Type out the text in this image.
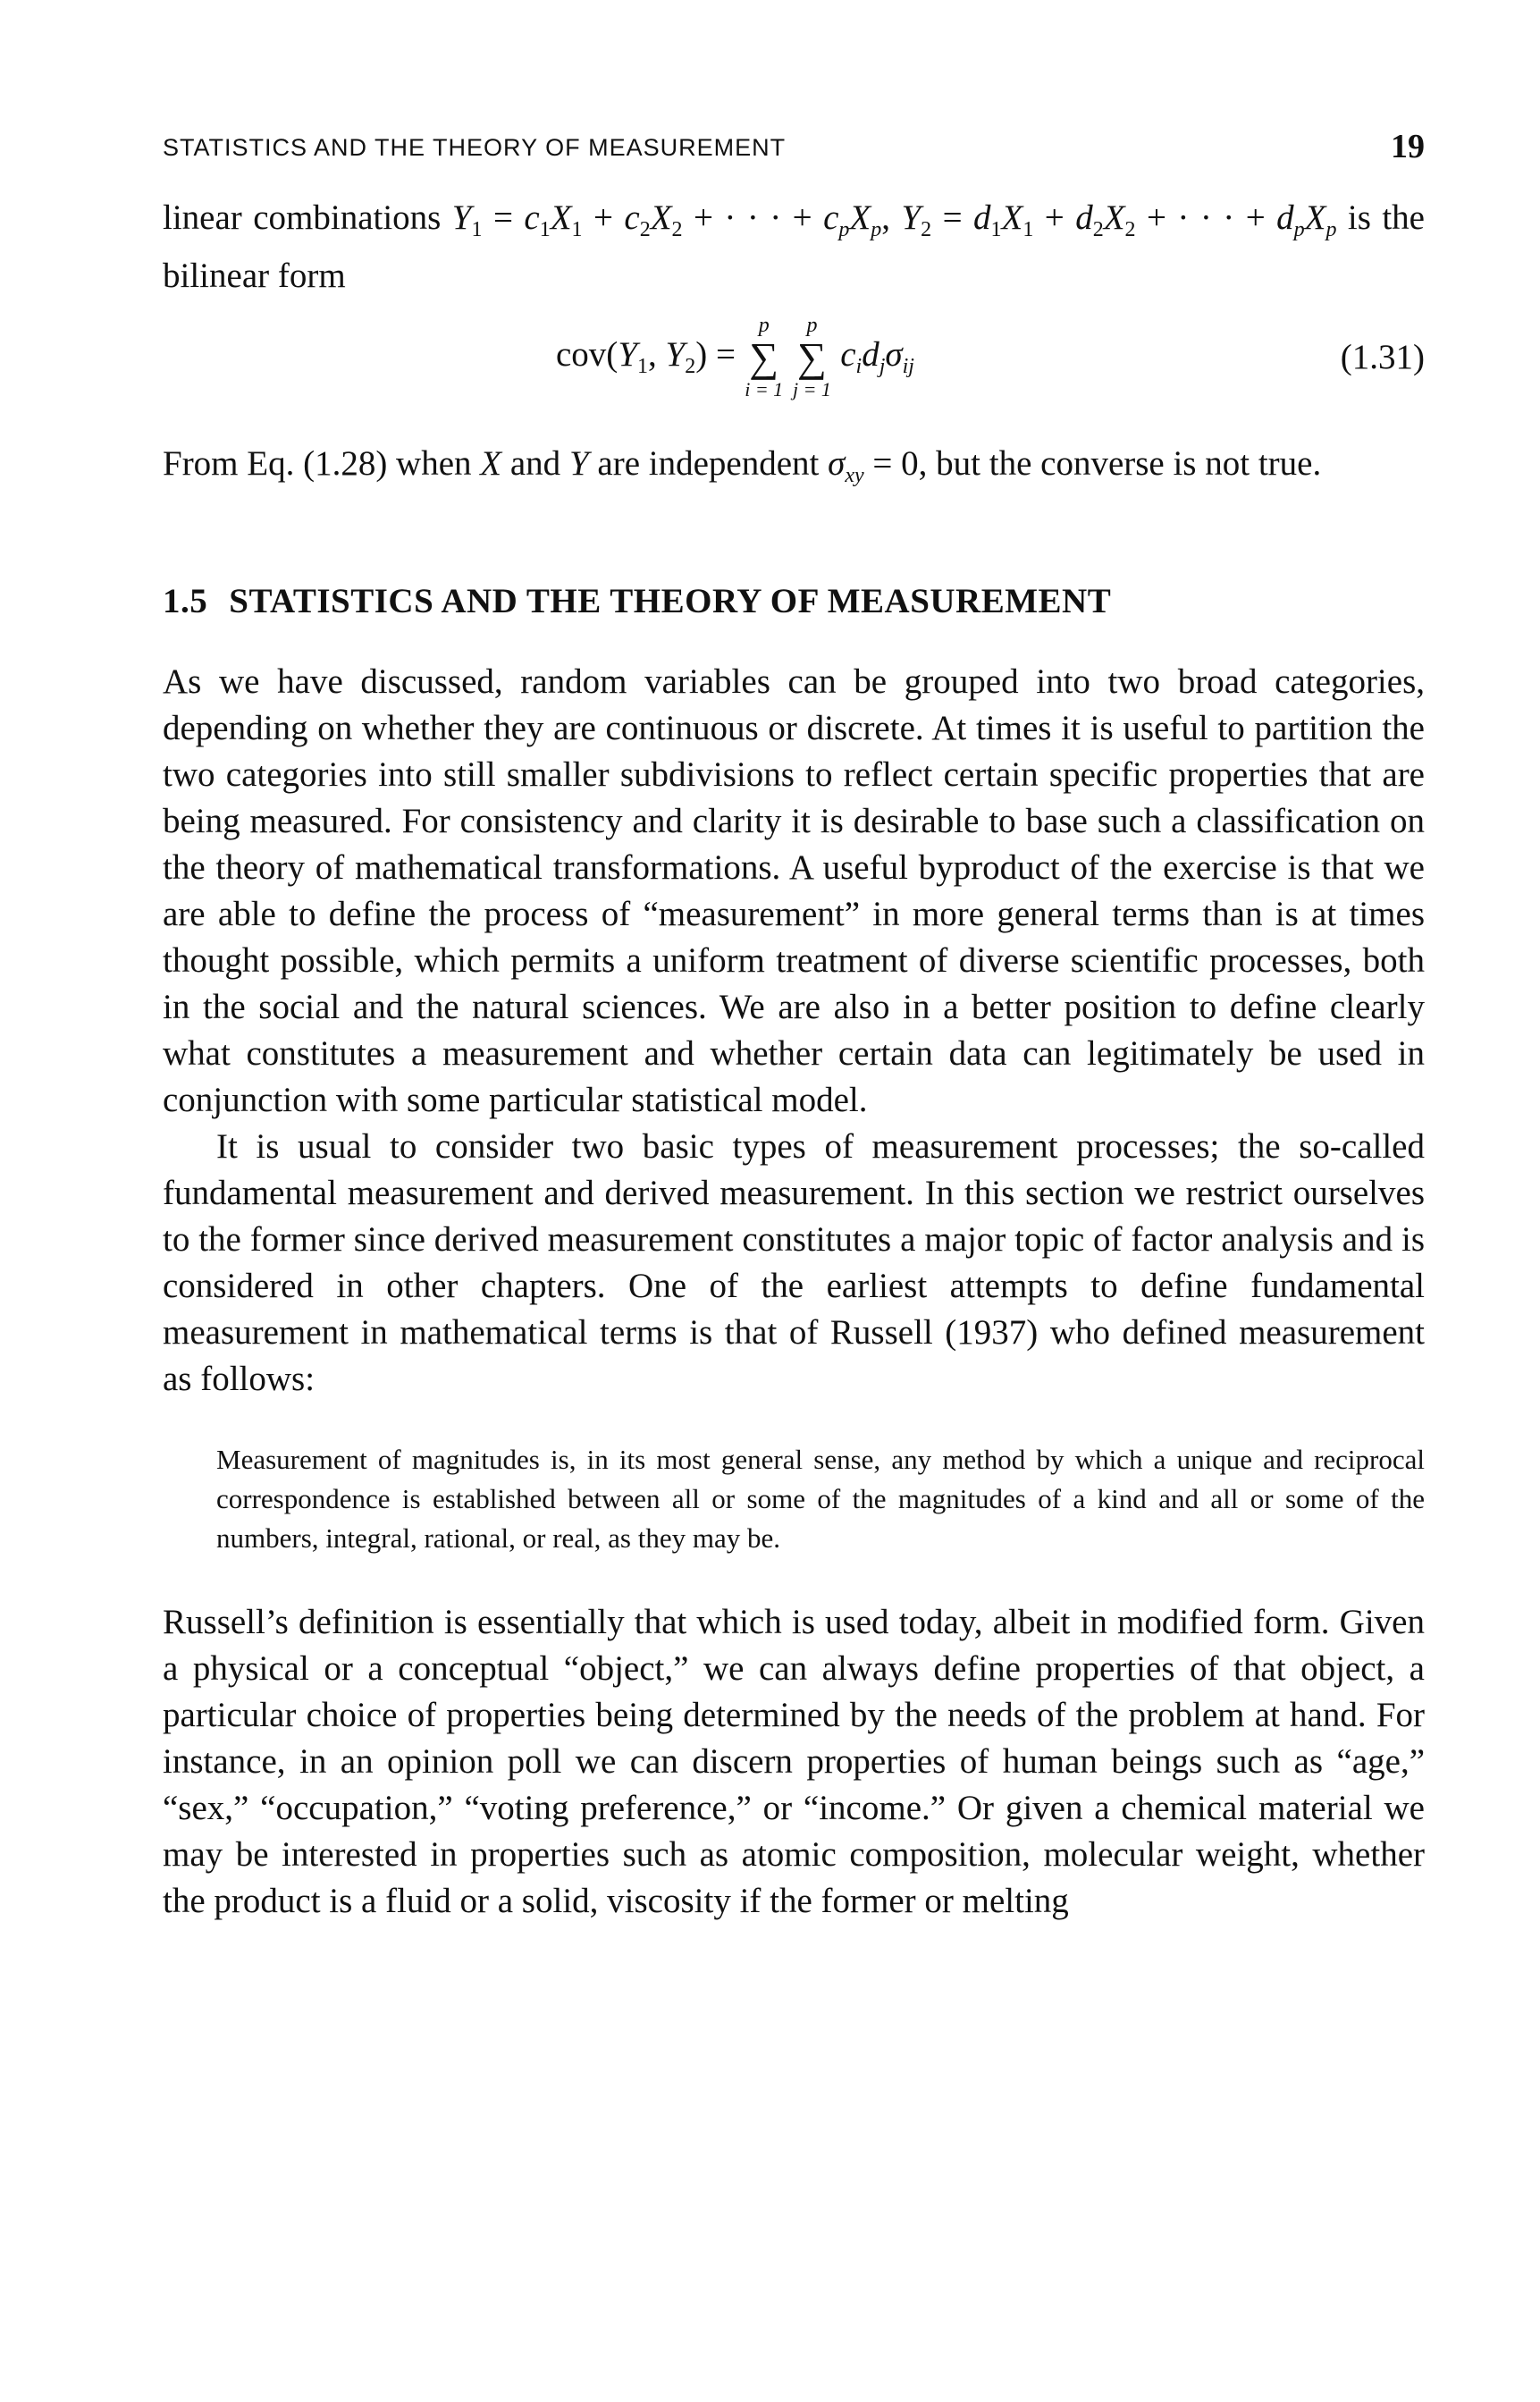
STATISTICS AND THE THEORY OF MEASUREMENT	19

linear combinations $Y_1 = c_1X_1 + c_2X_2$ + · · · + $c_pX_p$, $Y_2 = d_1X_1 + d_2X_2$ + · · · + $d_pX_p$ is the bilinear form

$cov(Y_1$, $Y_2$) = ∑
p
i = 1
∑
p
j = 1
$c_id_j\sigma_{ij}$	(1.31)

From Eq. (1.28) when X and Y are independent $\sigma_{xy} = 0$, but the converse is not true.

1.5 STATISTICS AND THE THEORY OF MEASUREMENT

As we have discussed, random variables can be grouped into two broad categories, depending on whether they are continuous or discrete. At times it is useful to partition the two categories into still smaller subdivisions to reflect certain specific properties that are being measured. For consistency and clarity it is desirable to base such a classification on the theory of mathematical transformations. A useful byproduct of the exercise is that we are able to define the process of “measurement” in more general terms than is at times thought possible, which permits a uniform treatment of diverse scientific processes, both in the social and the natural sciences. We are also in a better position to define clearly what constitutes a measurement and whether certain data can legitimately be used in conjunction with some particular statistical model.

It is usual to consider two basic types of measurement processes; the so-called fundamental measurement and derived measurement. In this section we restrict ourselves to the former since derived measurement constitutes a major topic of factor analysis and is considered in other chapters. One of the earliest attempts to define fundamental measurement in mathematical terms is that of Russell (1937) who defined measurement as follows:

Measurement of magnitudes is, in its most general sense, any method by which a unique and reciprocal correspondence is established between all or some of the magnitudes of a kind and all or some of the numbers, integral, rational, or real, as they may be.

Russell’s definition is essentially that which is used today, albeit in modified form. Given a physical or a conceptual “object,” we can always define properties of that object, a particular choice of properties being determined by the needs of the problem at hand. For instance, in an opinion poll we can discern properties of human beings such as “age,” “sex,” “occupation,” “voting preference,” or “income.” Or given a chemical material we may be interested in properties such as atomic composition, molecular weight, whether the product is a fluid or a solid, viscosity if the former or melting
